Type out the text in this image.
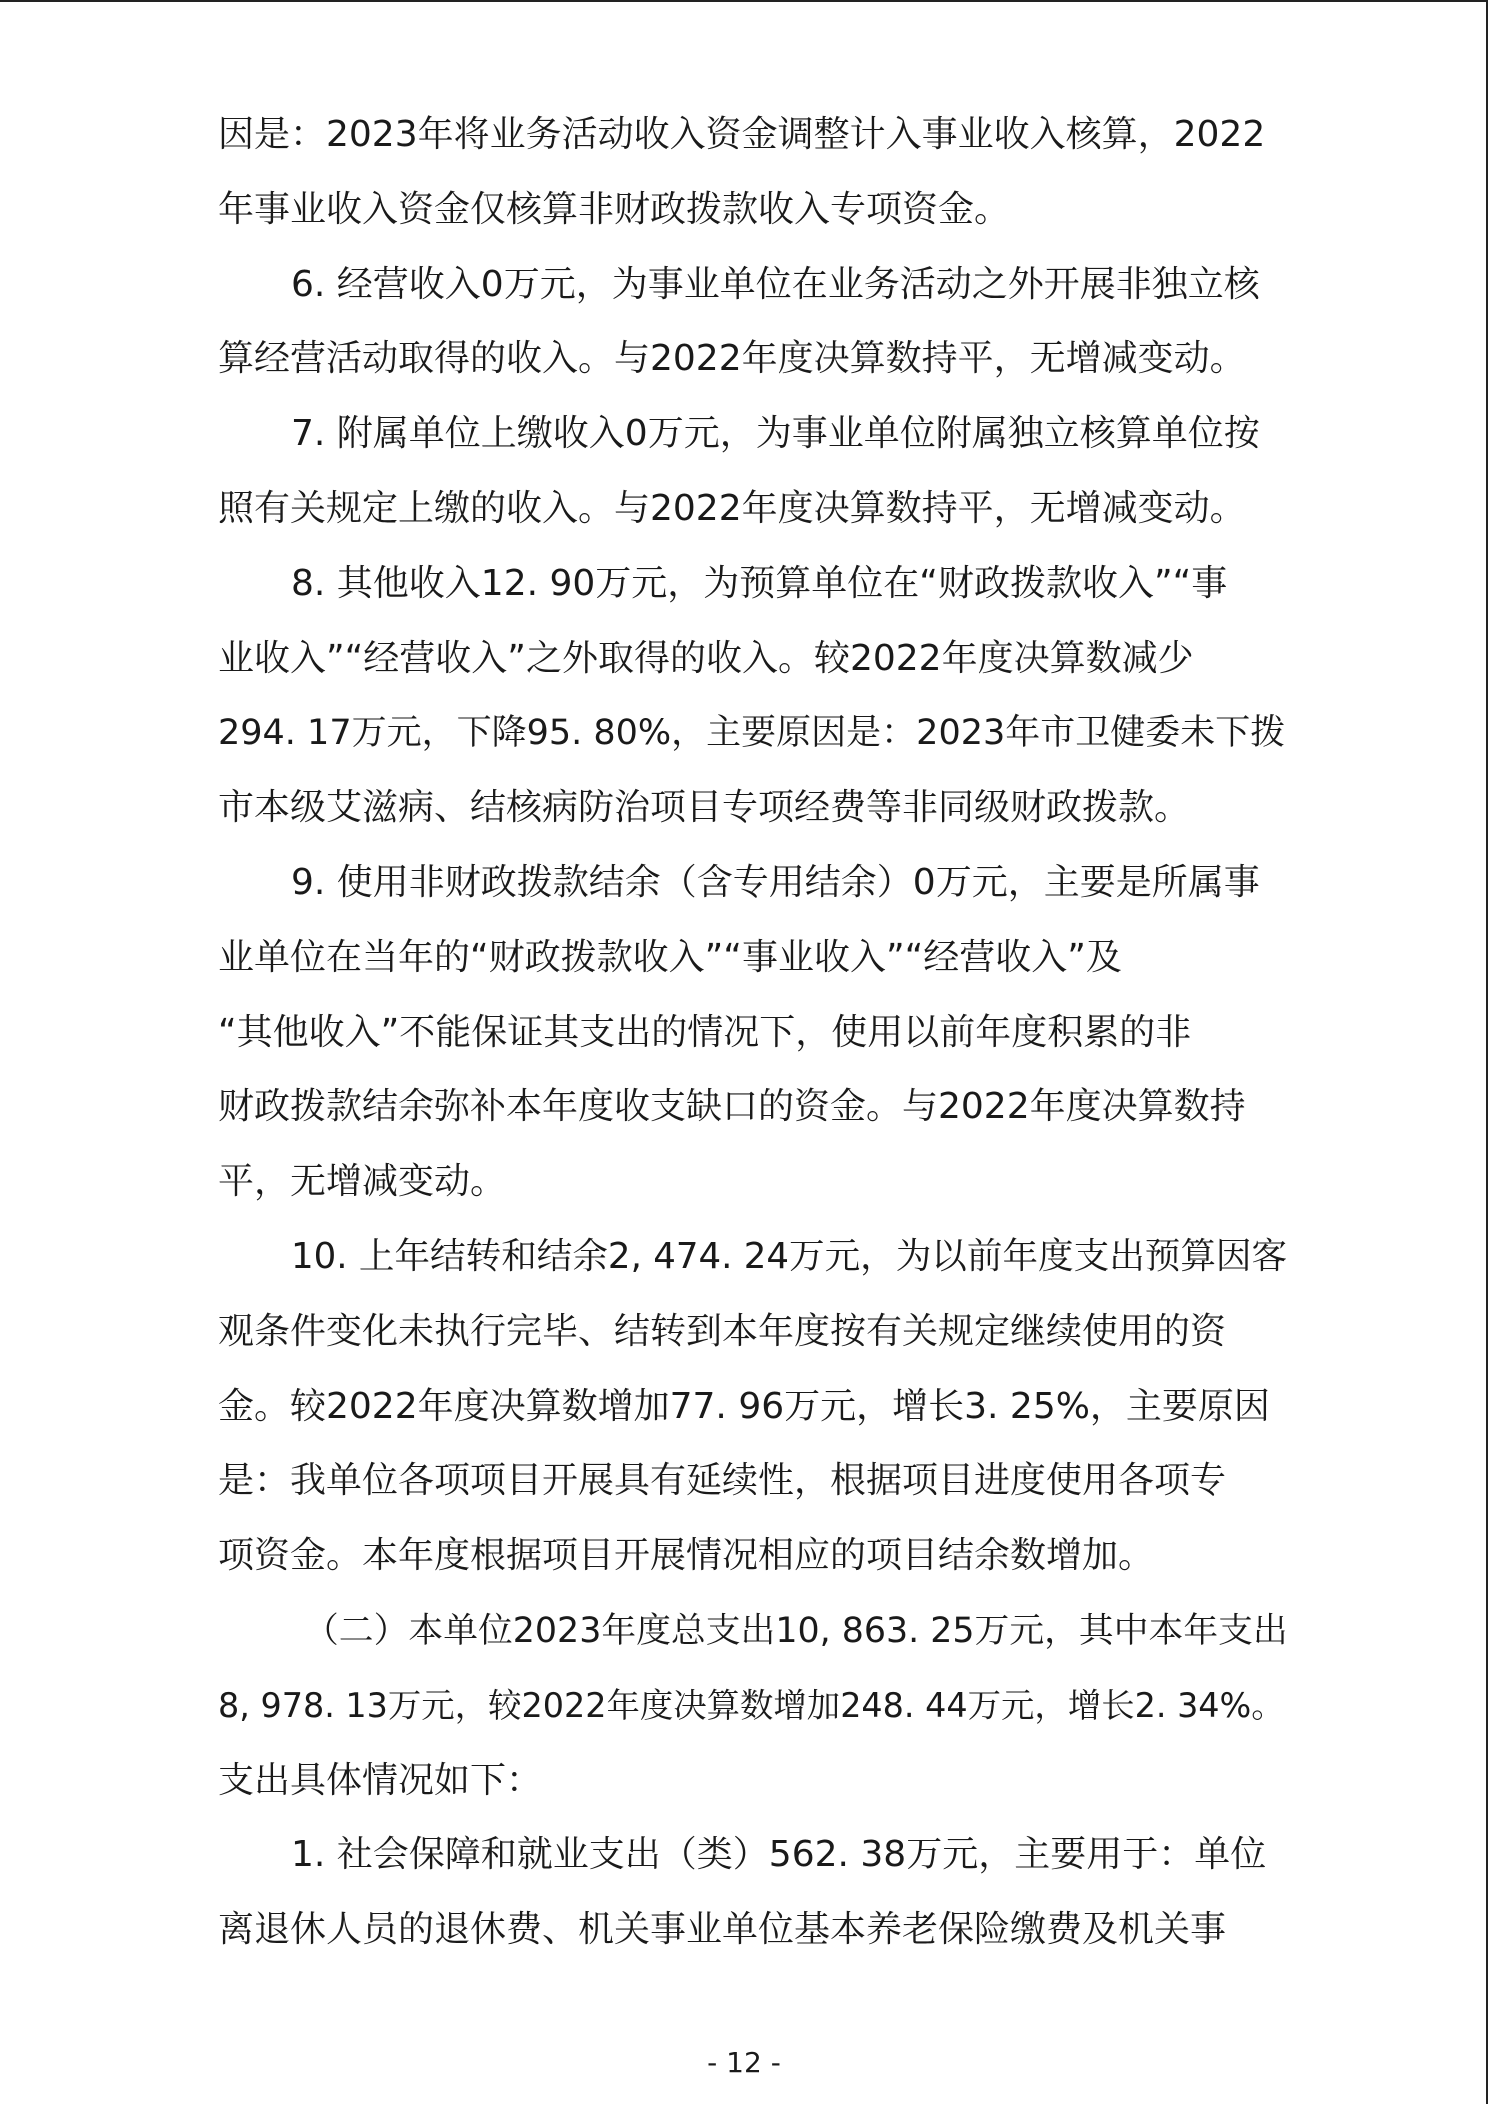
因是：2023年将业务活动收入资金调整计入事业收入核算，2022
年事业收入资金仅核算非财政拨款收入专项资金。
6. 经营收入0万元，为事业单位在业务活动之外开展非独立核
算经营活动取得的收入。与2022年度决算数持平，无增减变动。
7. 附属单位上缴收入0万元，为事业单位附属独立核算单位按
照有关规定上缴的收入。与2022年度决算数持平，无增减变动。
8. 其他收入12. 90万元，为预算单位在“财政拨款收入”“事
业收入”“经营收入”之外取得的收入。较2022年度决算数减少
294. 17万元，下降95. 80%，主要原因是：2023年市卫健委未下拨
市本级艾滋病、结核病防治项目专项经费等非同级财政拨款。
9. 使用非财政拨款结余（含专用结余）0万元，主要是所属事
业单位在当年的“财政拨款收入”“事业收入”“经营收入”及
“其他收入”不能保证其支出的情况下，使用以前年度积累的非
财政拨款结余弥补本年度收支缺口的资金。与2022年度决算数持
平，无增减变动。
10. 上年结转和结余2, 474. 24万元，为以前年度支出预算因客
观条件变化未执行完毕、结转到本年度按有关规定继续使用的资
金。较2022年度决算数增加77. 96万元，增长3. 25%，主要原因
是：我单位各项项目开展具有延续性，根据项目进度使用各项专
项资金。本年度根据项目开展情况相应的项目结余数增加。
（二）本单位2023年度总支出10, 863. 25万元，其中本年支出
8, 978. 13万元，较2022年度决算数增加248. 44万元，增长2. 34%。
支出具体情况如下：
1. 社会保障和就业支出（类）562. 38万元，主要用于：单位
离退休人员的退休费、机关事业单位基本养老保险缴费及机关事
- 12 -
